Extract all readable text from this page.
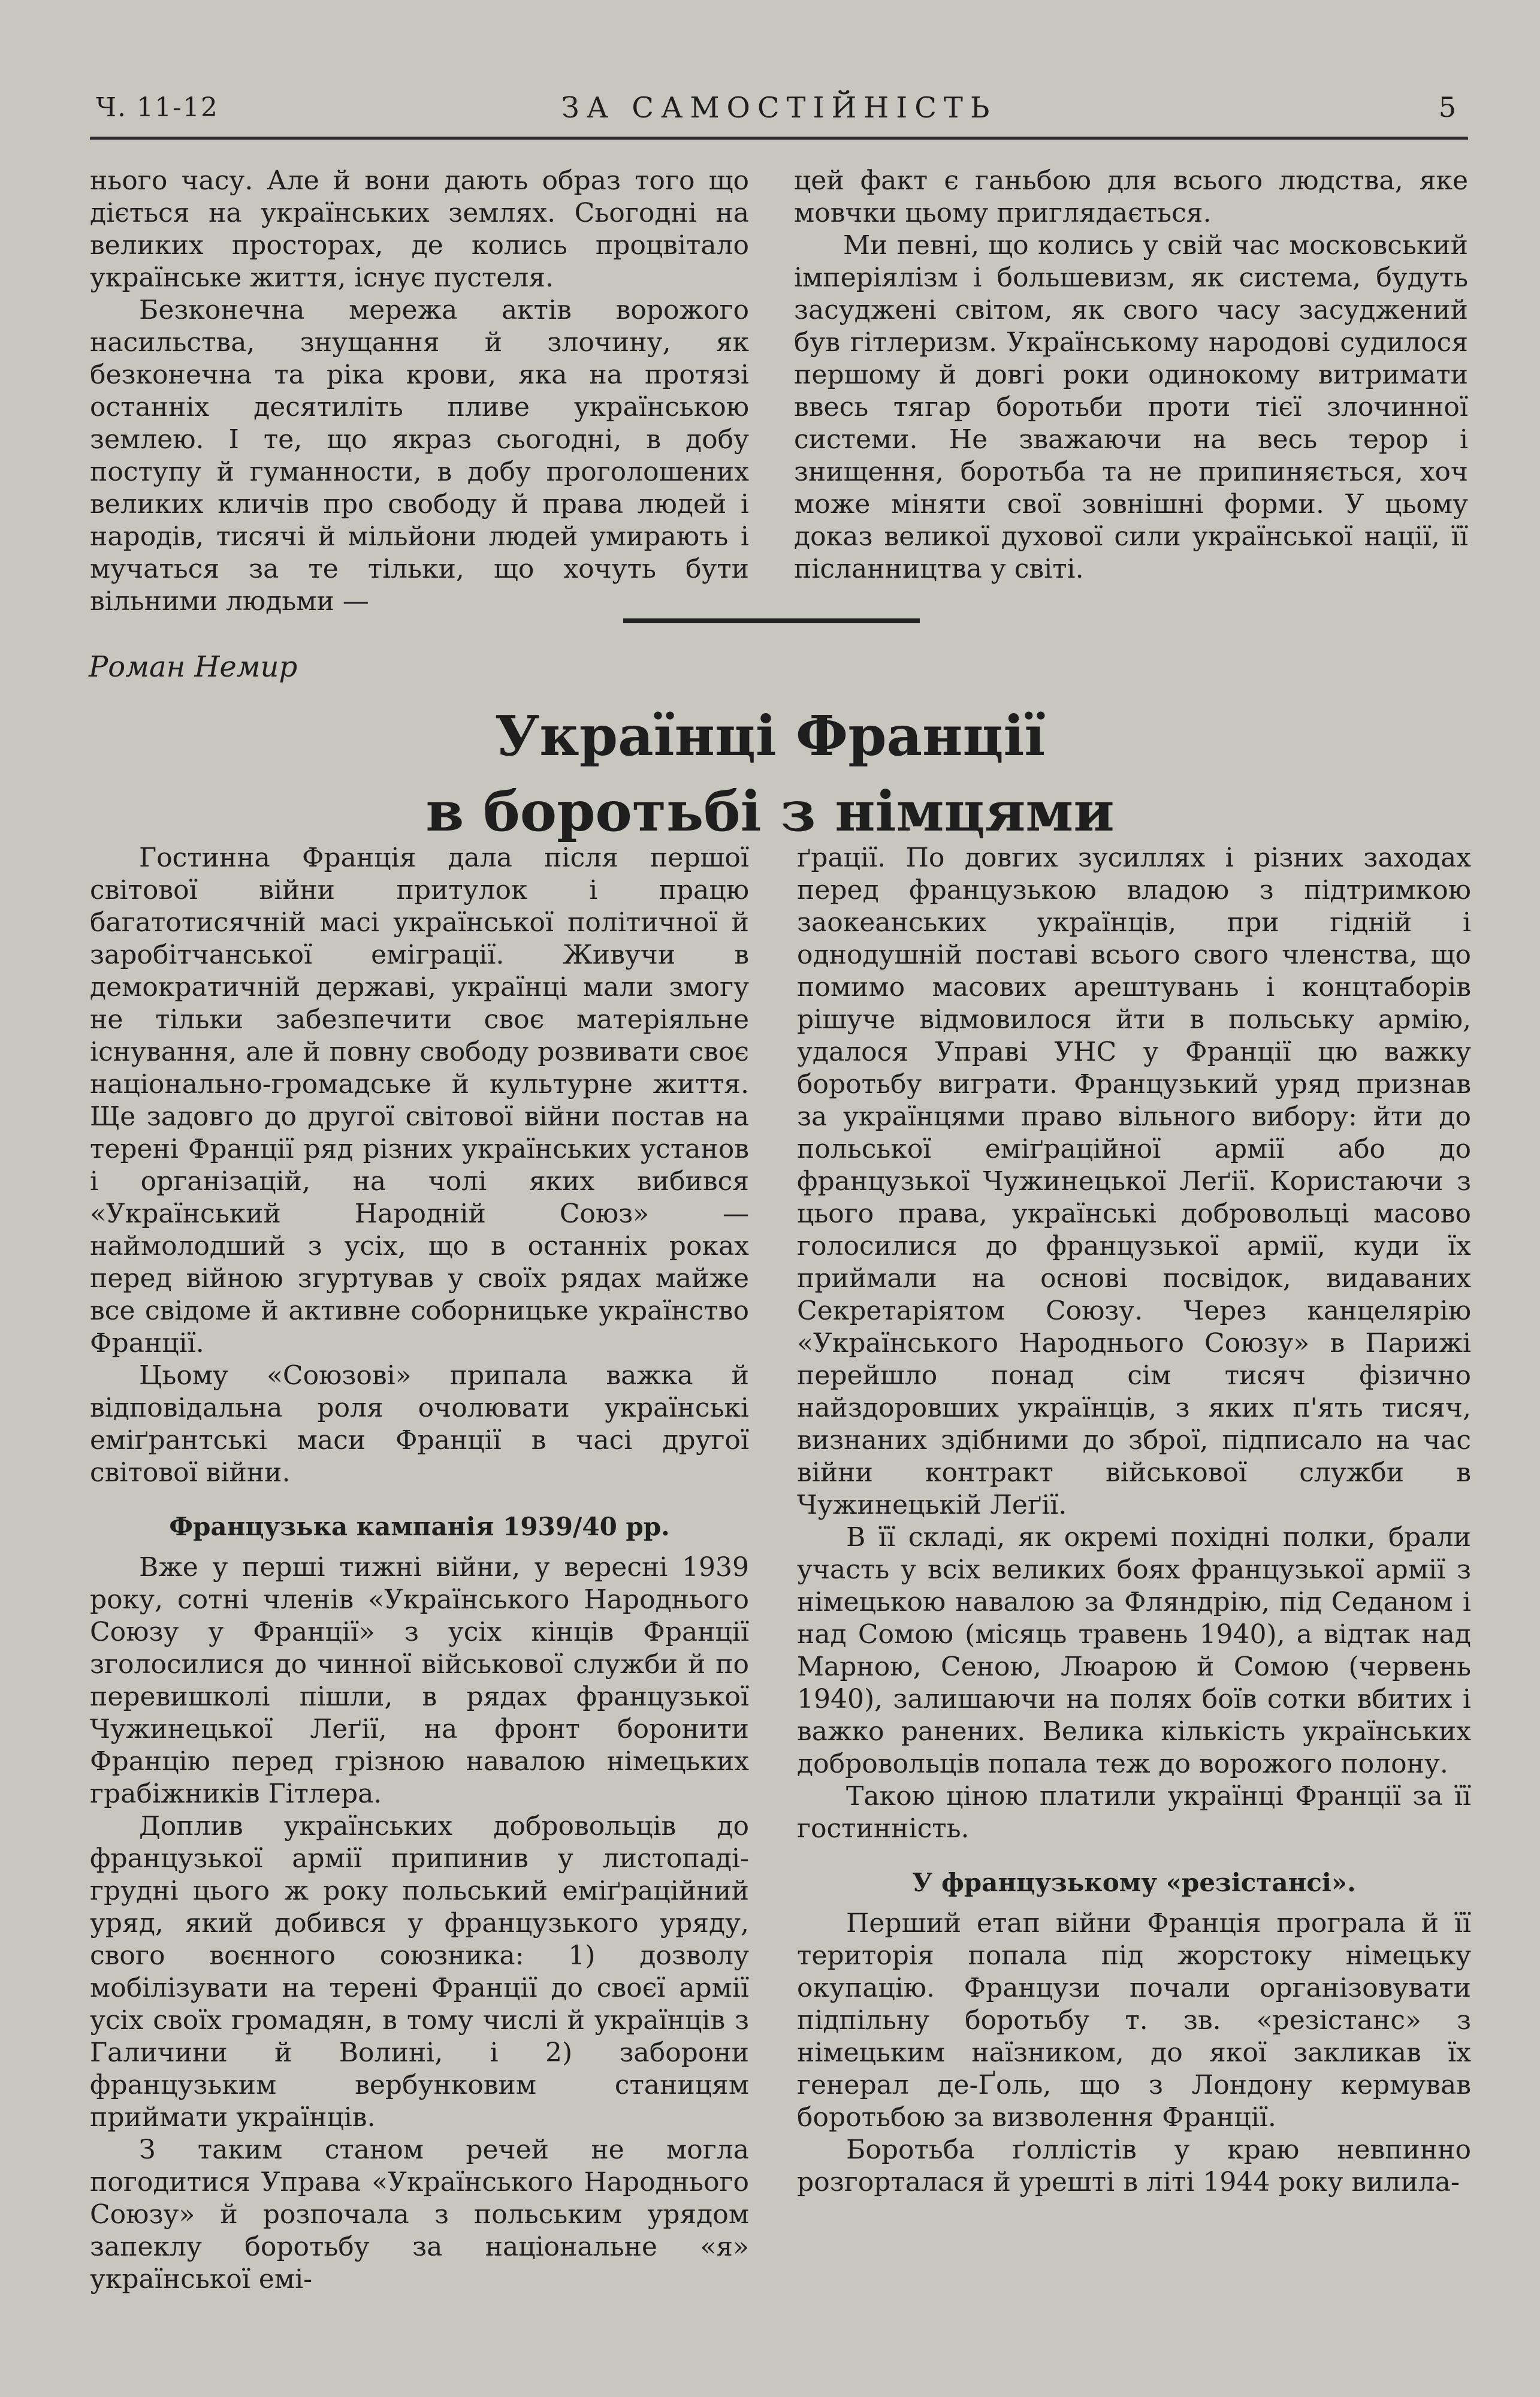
Ч. 11-12	ЗА САМОСТІЙНІСТЬ	5

нього часу. Але й вони дають образ того що діється на українських землях. Сьогодні на великих просторах, де колись процвітало українське життя, існує пустеля.

Безконечна мережа актів ворожого насильства, знущання й злочину, як безконечна та ріка крови, яка на протязі останніх десятиліть пливе українською землею. І те, що якраз сьогодні, в добу поступу й гуманности, в добу проголошених великих кличів про свободу й права людей і народів, тисячі й мільйони людей умирають і мучаться за те тільки, що хочуть бути вільними людьми —

цей факт є ганьбою для всього людства, яке мовчки цьому приглядається.

Ми певні, що колись у свій час московський імперіялізм і большевизм, як система, будуть засуджені світом, як свого часу засуджений був гітлеризм. Українському народові судилося першому й довгі роки одинокому витримати ввесь тягар боротьби проти тієї злочинної системи. Не зважаючи на весь терор і знищення, боротьба та не припиняється, хоч може міняти свої зовнішні форми. У цьому доказ великої духової сили української нації, її післанництва у світі.

Роман Немир
Українці Франції
в боротьбі з німцями

Гостинна Франція дала після першої світової війни притулок і працю багатотисячній масі української політичної й заробітчанської еміграції. Живучи в демократичній державі, українці мали змогу не тільки забезпечити своє матеріяльне існування, але й повну свободу розвивати своє національно-громадське й культурне життя. Ще задовго до другої світової війни постав на терені Франції ряд різних українських установ і організацій, на чолі яких вибився «Український Народній Союз» — наймолодший з усіх, що в останніх роках перед війною згуртував у своїх рядах майже все свідоме й активне соборницьке українство Франції.

Цьому «Союзові» припала важка й відповідальна роля очолювати українські еміґрантські маси Франції в часі другої світової війни.

Французька кампанія 1939/40 рр.

Вже у перші тижні війни, у вересні 1939 року, сотні членів «Українського Народнього Союзу у Франції» з усіх кінців Франції зголосилися до чинної військової служби й по перевишколі пішли, в рядах французької Чужинецької Леґії, на фронт боронити Францію перед грізною навалою німецьких грабіжників Гітлера.

Доплив українських добровольців до французької армії припинив у листопаді-грудні цього ж року польський еміґраційний уряд, який добився у французького уряду, свого воєнного союзника: 1) дозволу мобілізувати на терені Франції до своєї армії усіх своїх громадян, в тому числі й українців з Галичини й Волині, і 2) заборони французьким вербунковим станицям приймати українців.

З таким станом речей не могла погодитися Управа «Українського Народнього Союзу» й розпочала з польським урядом запеклу боротьбу за національне «я» української емі-

ґрації. По довгих зусиллях і різних заходах перед французькою владою з підтримкою заокеанських українців, при гідній і однодушній поставі всього свого членства, що помимо масових арештувань і концтаборів рішуче відмовилося йти в польську армію, удалося Управі УНС у Франції цю важку боротьбу виграти. Французький уряд признав за українцями право вільного вибору: йти до польської еміґраційної армії або до французької Чужинецької Леґії. Користаючи з цього права, українські добровольці масово голосилися до французької армії, куди їх приймали на основі посвідок, видаваних Секретаріятом Союзу. Через канцелярію «Українського Народнього Союзу» в Парижі перейшло понад сім тисяч фізично найздоровших українців, з яких п'ять тисяч, визнаних здібними до зброї, підписало на час війни контракт військової служби в Чужинецькій Леґії.

В її складі, як окремі похідні полки, брали участь у всіх великих боях французької армії з німецькою навалою за Фляндрію, під Седаном і над Сомою (місяць травень 1940), а відтак над Марною, Сеною, Люарою й Сомою (червень 1940), залишаючи на полях боїв сотки вбитих і важко ранених. Велика кількість українських добровольців попала теж до ворожого полону.

Такою ціною платили українці Франції за її гостинність.

У французькому «резістансі».

Перший етап війни Франція програла й її територія попала під жорстоку німецьку окупацію. Французи почали організовувати підпільну боротьбу т. зв. «резістанс» з німецьким наїзником, до якої закликав їх генерал де-Ґоль, що з Лондону кермував боротьбою за визволення Франції.

Боротьба ґоллістів у краю невпинно розгорталася й урешті в літі 1944 року вилила-
